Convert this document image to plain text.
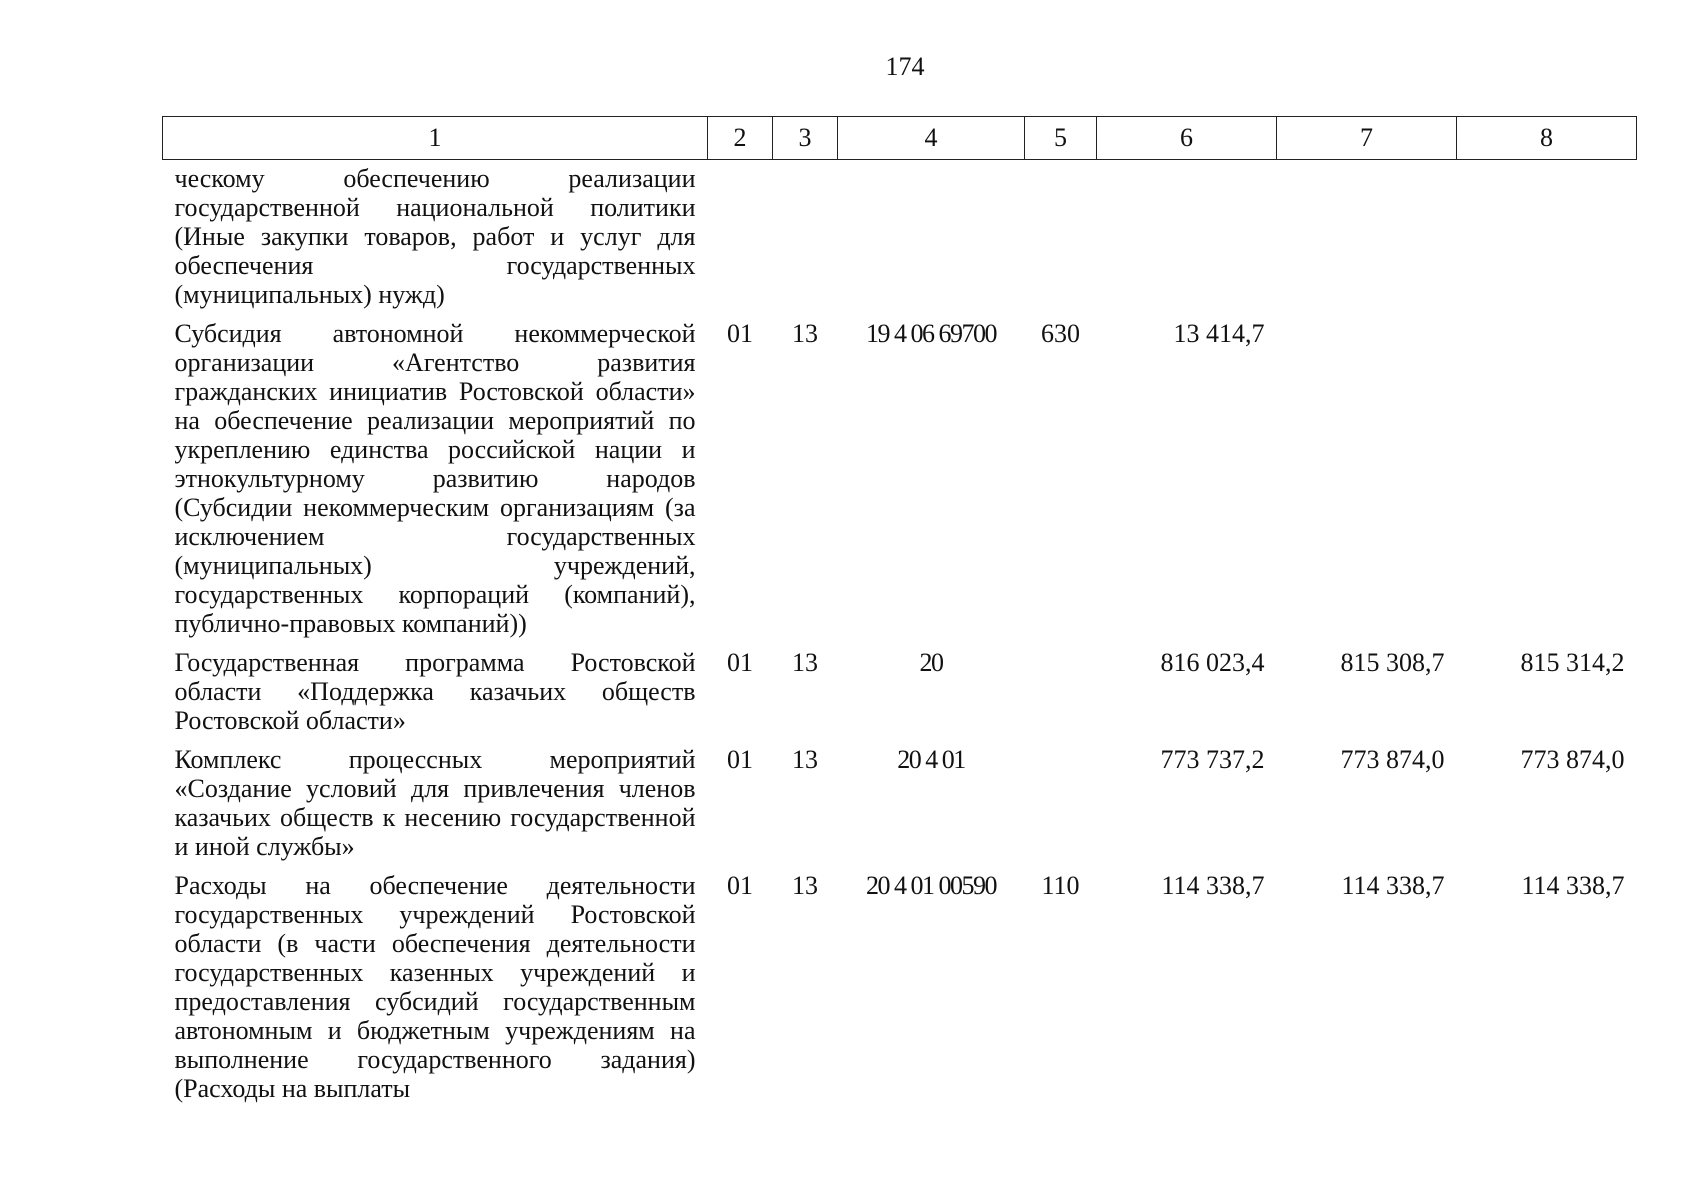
174
1	2	3	4	5	6	7	8
ческому обеспечению реализации государственной национальной политики (Иные закупки товаров, работ и услуг для обеспечения государственных (муниципальных) нужд)							
Субсидия автономной некоммерческой организации «Агентство развития гражданских инициатив Ростовской области» на обеспечение реализации мероприятий по укреплению единства российской нации и этнокультурному развитию народов (Субсидии некоммерческим организациям (за исключением государственных (муниципальных) учреждений, государственных корпораций (компаний), публично-правовых компаний))	01	13	19 4 06 69700	630	13 414,7		
Государственная программа Ростовской области «Поддержка казачьих обществ Ростовской области»	01	13	20		816 023,4	815 308,7	815 314,2
Комплекс процессных мероприятий «Создание условий для привлечения членов казачьих обществ к несению государственной и иной службы»	01	13	20 4 01		773 737,2	773 874,0	773 874,0
Расходы на обеспечение деятельности государственных учреждений Ростовской области (в части обеспечения деятельности государственных казенных учреждений и предоставления субсидий государственным автономным и бюджетным учреждениям на выполнение государственного задания) (Расходы на выплаты	01	13	20 4 01 00590	110	114 338,7	114 338,7	114 338,7
